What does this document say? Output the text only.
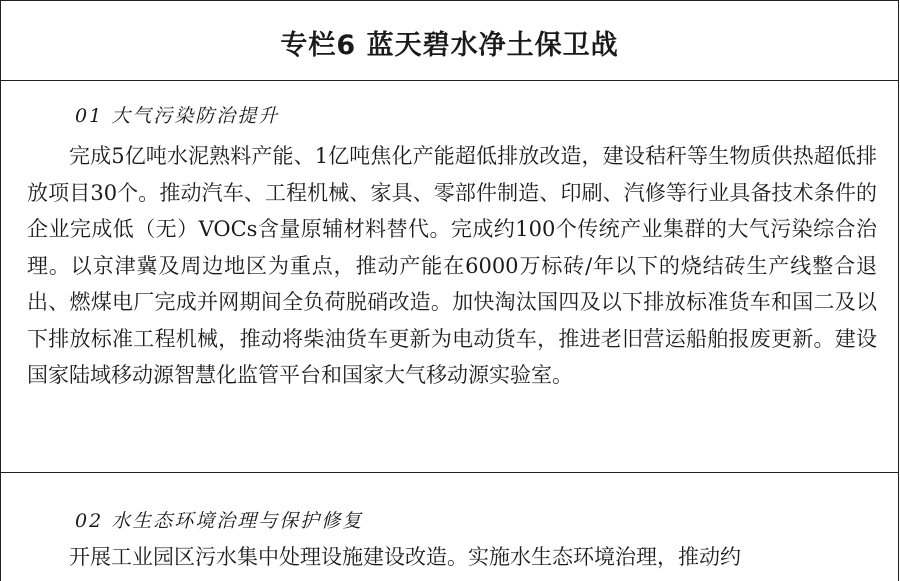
专栏6 蓝天碧水净土保卫战
01 大气污染防治提升

完成5亿吨水泥熟料产能、1亿吨焦化产能超低排放改造，建设秸秆等生物质供热超低排放项目30个。推动汽车、工程机械、家具、零部件制造、印刷、汽修等行业具备技术条件的企业完成低（无）VOCs含量原辅材料替代。完成约100个传统产业集群的大气污染综合治理。以京津冀及周边地区为重点，推动产能在6000万标砖/年以下的烧结砖生产线整合退出、燃煤电厂完成并网期间全负荷脱硝改造。加快淘汰国四及以下排放标准货车和国二及以下排放标准工程机械，推动将柴油货车更新为电动货车，推进老旧营运船舶报废更新。建设国家陆域移动源智慧化监管平台和国家大气移动源实验室。

02 水生态环境治理与保护修复

开展工业园区污水集中处理设施建设改造。实施水生态环境治理，推动约
